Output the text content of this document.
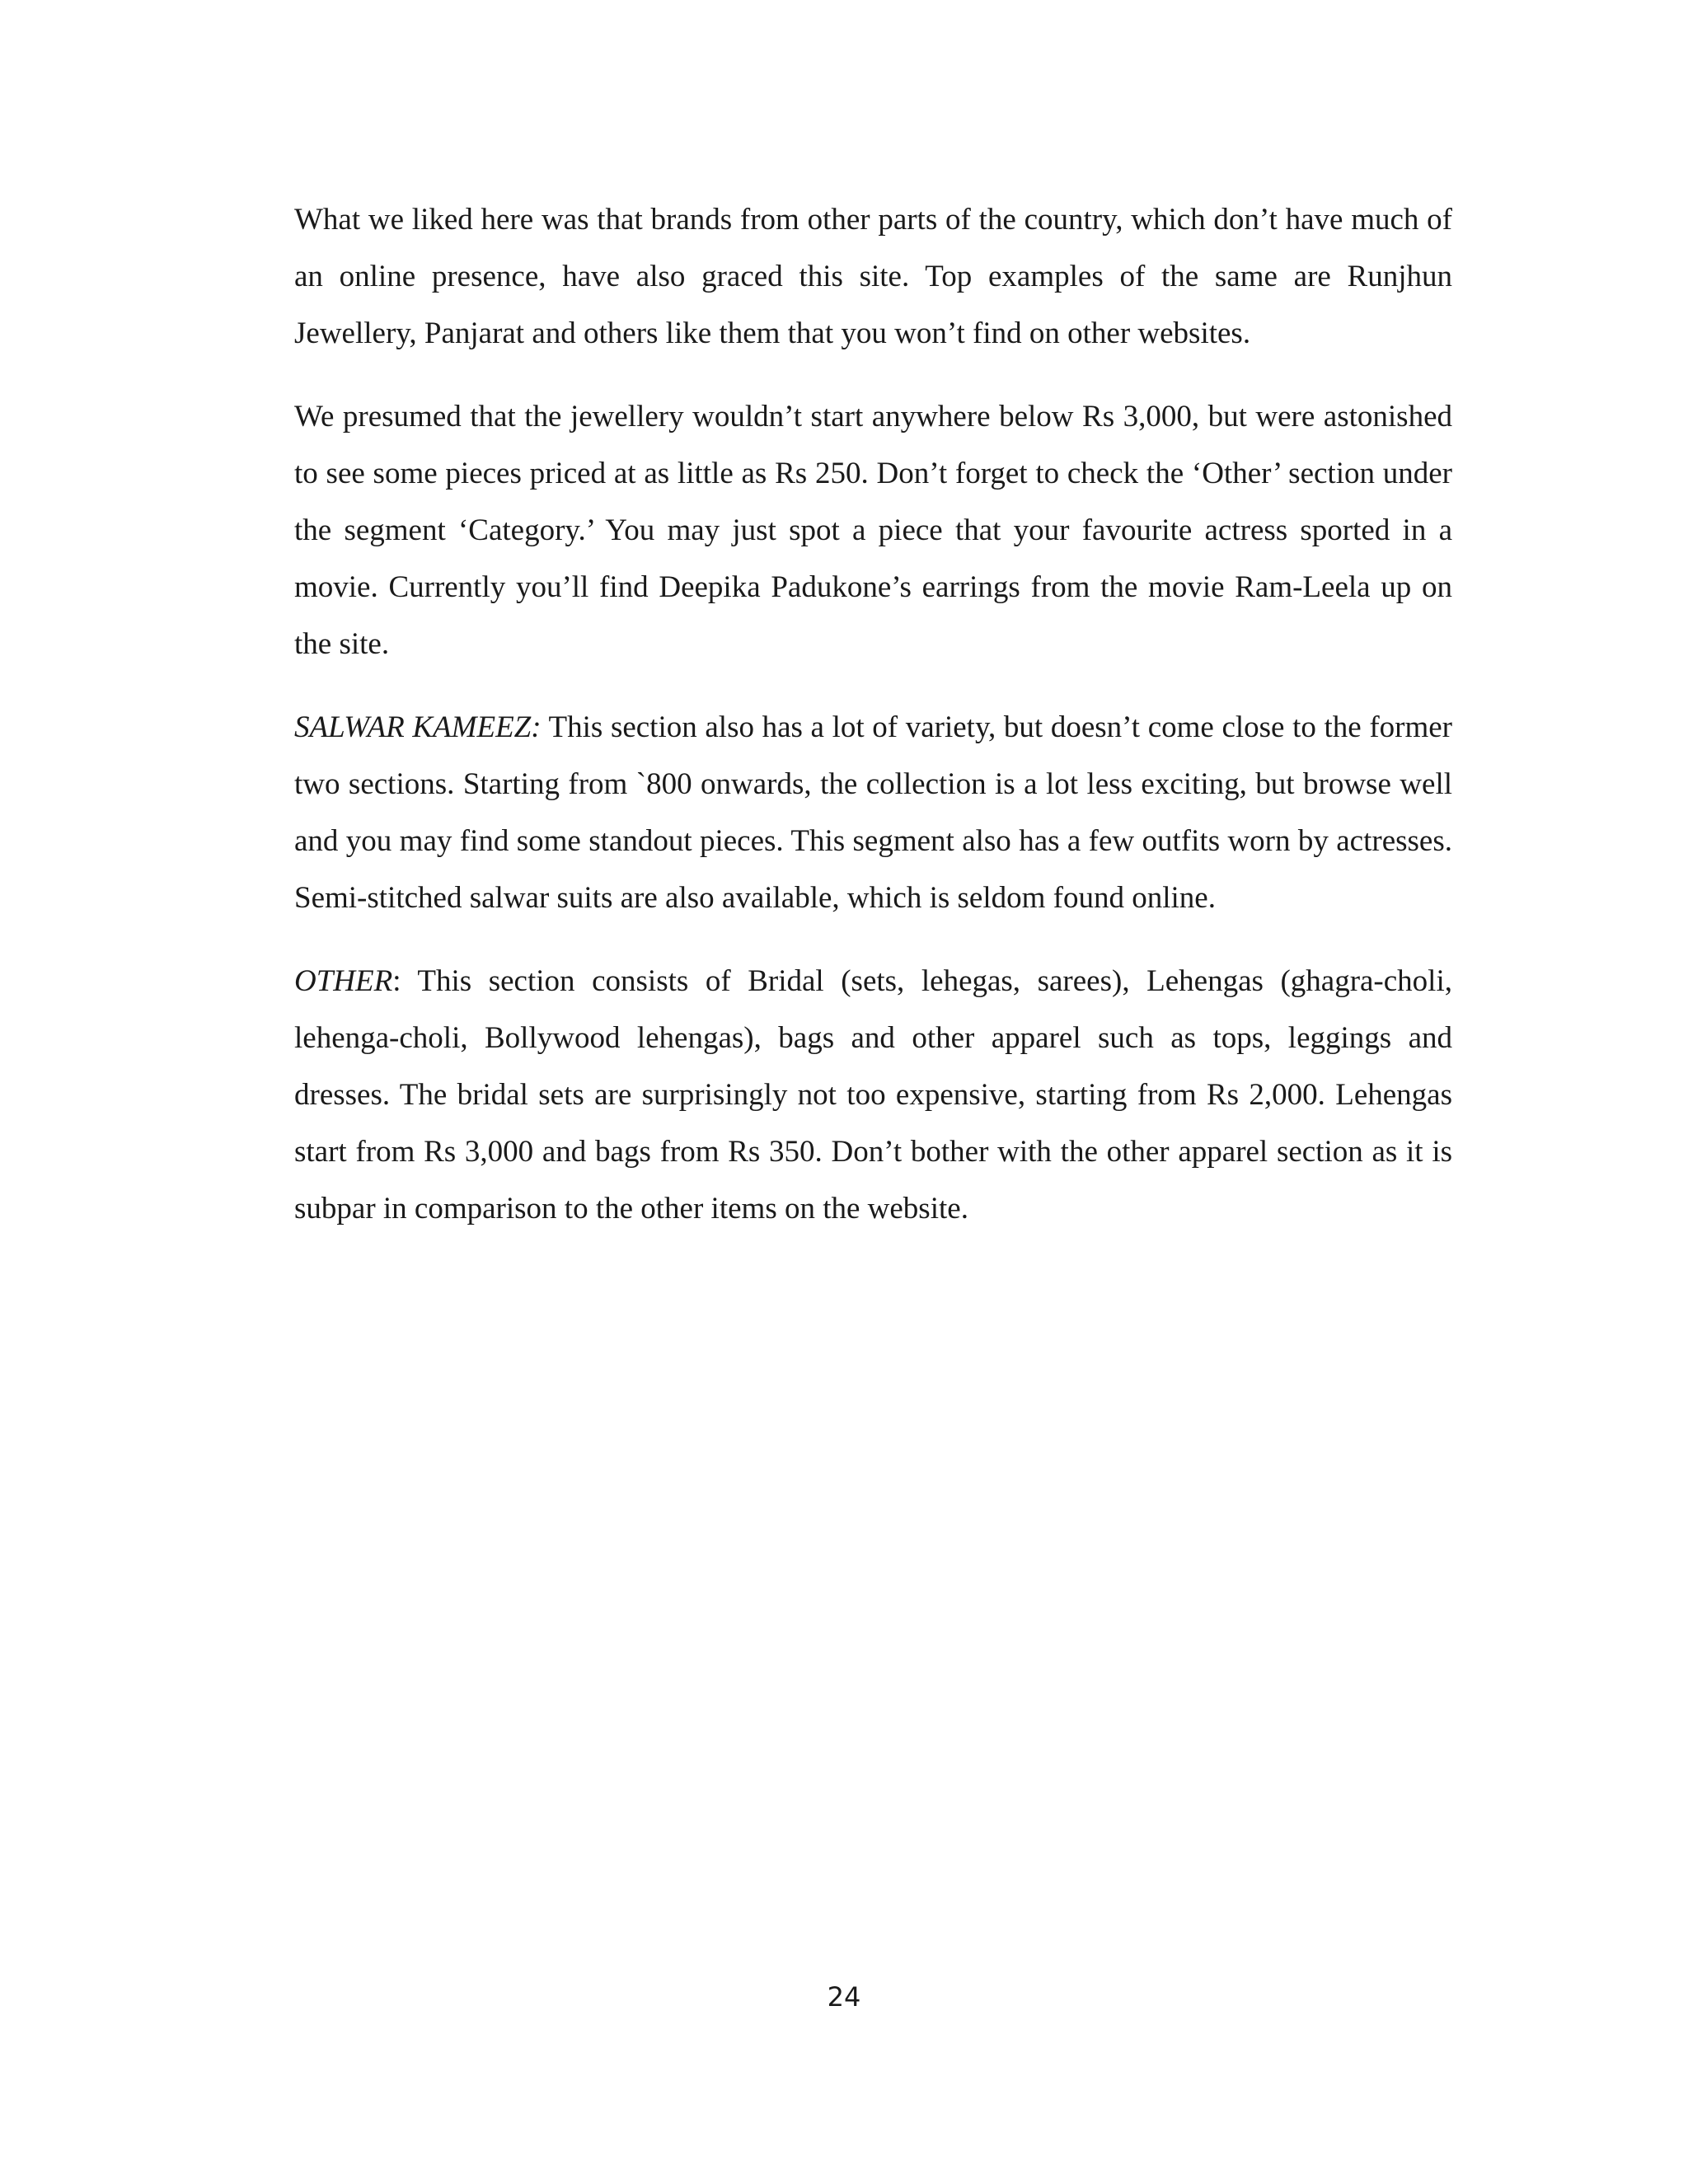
What we liked here was that brands from other parts of the country, which don’t have much of an online presence, have also graced this site. Top examples of the same are Runjhun Jewellery, Panjarat and others like them that you won’t find on other websites.

We presumed that the jewellery wouldn’t start anywhere below Rs 3,000, but were astonished to see some pieces priced at as little as Rs 250. Don’t forget to check the ‘Other’ section under the segment ‘Category.’ You may just spot a piece that your favourite actress sported in a movie. Currently you’ll find Deepika Padukone’s earrings from the movie Ram-Leela up on the site.

SALWAR KAMEEZ: This section also has a lot of variety, but doesn’t come close to the former two sections. Starting from `800 onwards, the collection is a lot less exciting, but browse well and you may find some standout pieces. This segment also has a few outfits worn by actresses. Semi-stitched salwar suits are also available, which is seldom found online.

OTHER: This section consists of Bridal (sets, lehegas, sarees), Lehengas (ghagra-choli, lehenga-choli, Bollywood lehengas), bags and other apparel such as tops, leggings and dresses. The bridal sets are surprisingly not too expensive, starting from Rs 2,000. Lehengas start from Rs 3,000 and bags from Rs 350. Don’t bother with the other apparel section as it is subpar in comparison to the other items on the website.

24
